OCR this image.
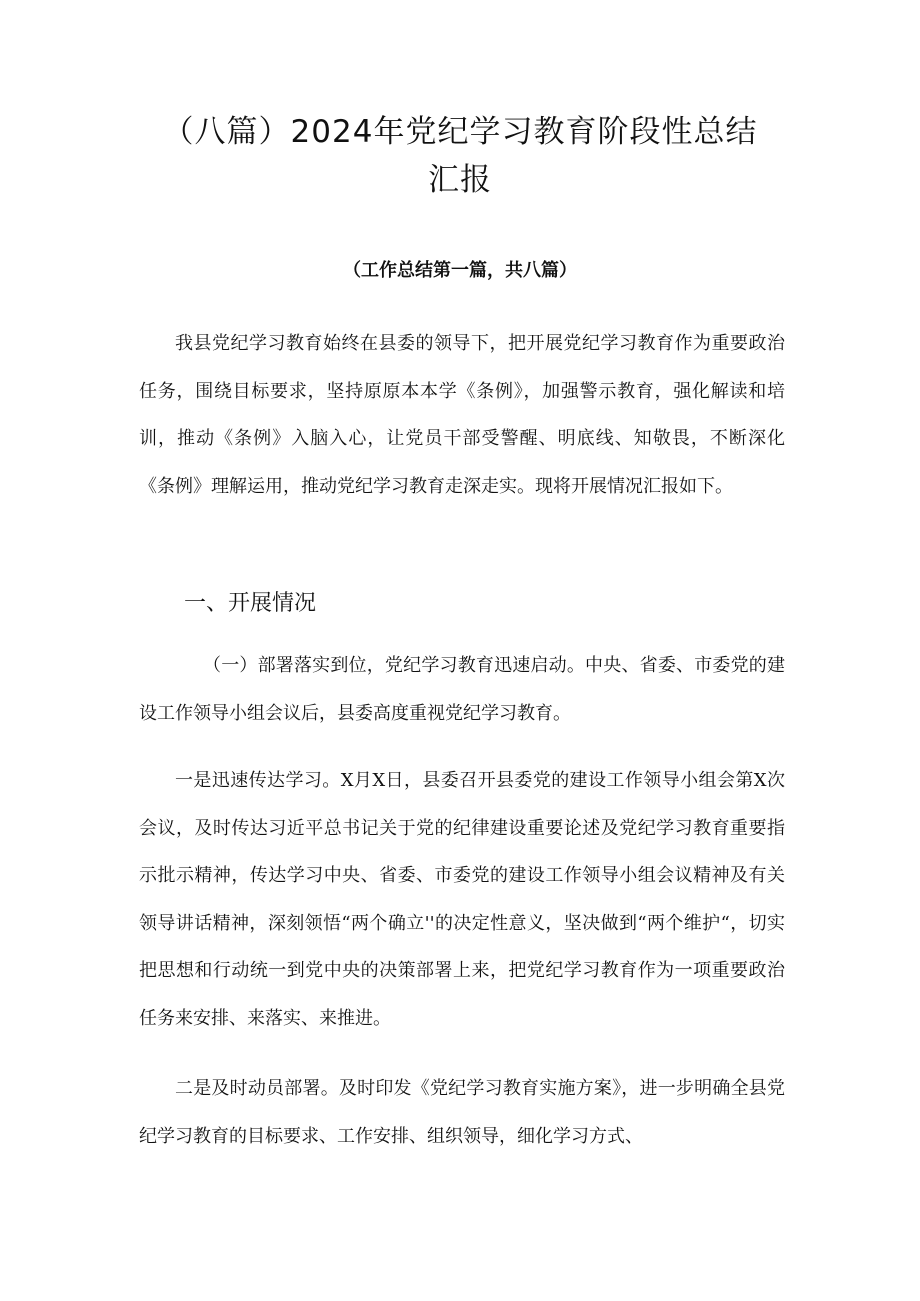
（八篇）2024年党纪学习教育阶段性总结
汇报
（工作总结第一篇，共八篇）

我县党纪学习教育始终在县委的领导下，把开展党纪学习教育作为重要政治任务，围绕目标要求，坚持原原本本学《条例》，加强警示教育，强化解读和培训，推动《条例》入脑入心，让党员干部受警醒、明底线、知敬畏，不断深化《条例》理解运用，推动党纪学习教育走深走实。现将开展情况汇报如下。

一、开展情况

（一）部署落实到位，党纪学习教育迅速启动。中央、省委、市委党的建设工作领导小组会议后，县委高度重视党纪学习教育。

一是迅速传达学习。X月X日，县委召开县委党的建设工作领导小组会第X次会议，及时传达习近平总书记关于党的纪律建设重要论述及党纪学习教育重要指示批示精神，传达学习中央、省委、市委党的建设工作领导小组会议精神及有关领导讲话精神，深刻领悟“两个确立''的决定性意义，坚决做到“两个维护“，切实把思想和行动统一到党中央的决策部署上来，把党纪学习教育作为一项重要政治任务来安排、来落实、来推进。

二是及时动员部署。及时印发《党纪学习教育实施方案》，进一步明确全县党纪学习教育的目标要求、工作安排、组织领导，细化学习方式、
